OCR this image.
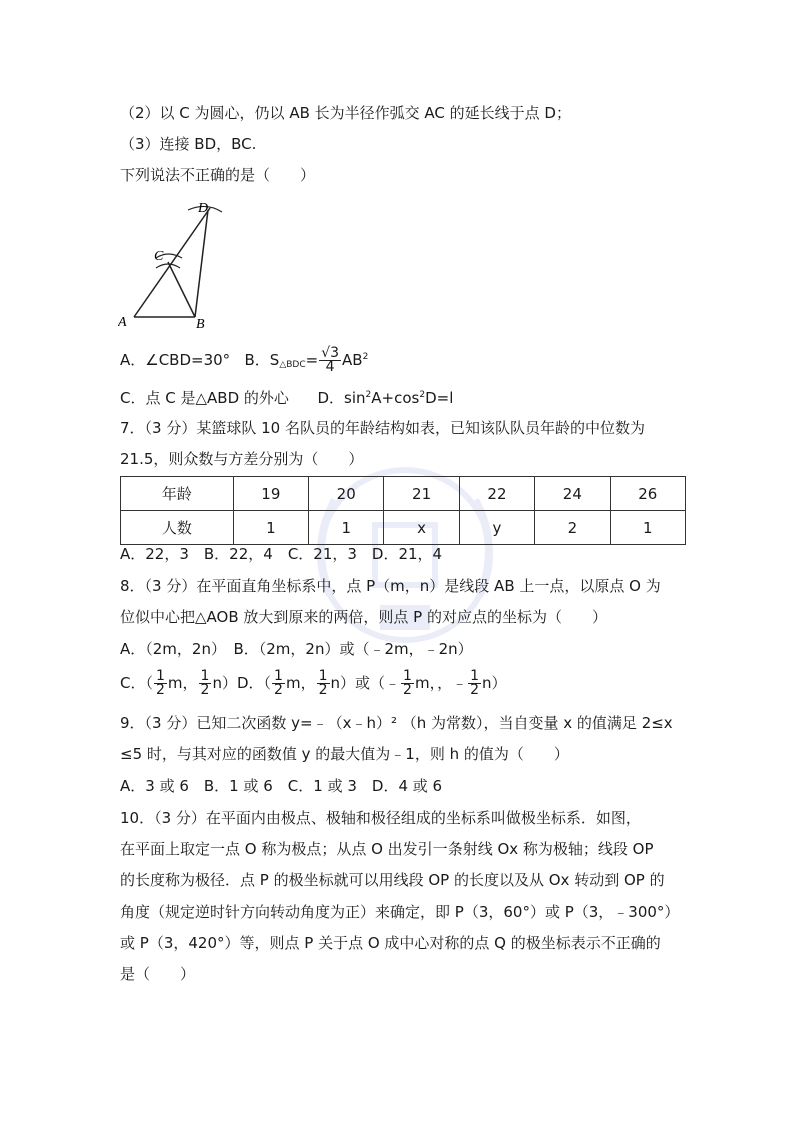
（2）以 C 为圆心，仍以 AB 长为半径作弧交 AC 的延长线于点 D；
（3）连接 BD，BC.
下列说法不正确的是（　　）
A	B
C
D
A．∠CBD=30° B．$S_{\triangle BDC}= \frac{√3}{4} AB^2$
C．点 C 是△ABD 的外心 D．$\sin^2A+\cos^2D=l$
7．（3 分）某篮球队 10 名队员的年龄结构如表，已知该队队员年龄的中位数为
21.5，则众数与方差分别为（　　）
年龄	19	20	21	22	24	26
人数	1	1	x	y	2	1
A．22，3　B．22，4　C．21，3　D．21，4
8．（3 分）在平面直角坐标系中，点 P（m，n）是线段 AB 上一点，以原点 O 为
位似中心把△AOB 放大到原来的两倍，则点 P 的对应点的坐标为（　　）
A．（2m，2n）　B．（2m，2n）或（﹣2m，﹣2n）
C．（ $\frac{1}{2}$ m， $\frac{1}{2} n)D$．（ $\frac{1}{2}$ m， $\frac{1}{2} n$）或（﹣ $\frac{1}{2}$ m，，﹣ $\frac{1}{2} n$）
9．（3 分）已知二次函数 y=﹣（x﹣h）² （h 为常数），当自变量 x 的值满足 2≤x
≤5 时，与其对应的函数值 y 的最大值为﹣1，则 h 的值为（　　）
A．3 或 6　B．1 或 6　C．1 或 3　D．4 或 6
10．（3 分）在平面内由极点、极轴和极径组成的坐标系叫做极坐标系．如图，
在平面上取定一点 O 称为极点；从点 O 出发引一条射线 Ox 称为极轴；线段 OP
的长度称为极径．点 P 的极坐标就可以用线段 OP 的长度以及从 Ox 转动到 OP 的
角度（规定逆时针方向转动角度为正）来确定，即 P（3，60°）或 P（3，﹣300°）
或 P（3，420°）等，则点 P 关于点 O 成中心对称的点 Q 的极坐标表示不正确的
是（　　）
